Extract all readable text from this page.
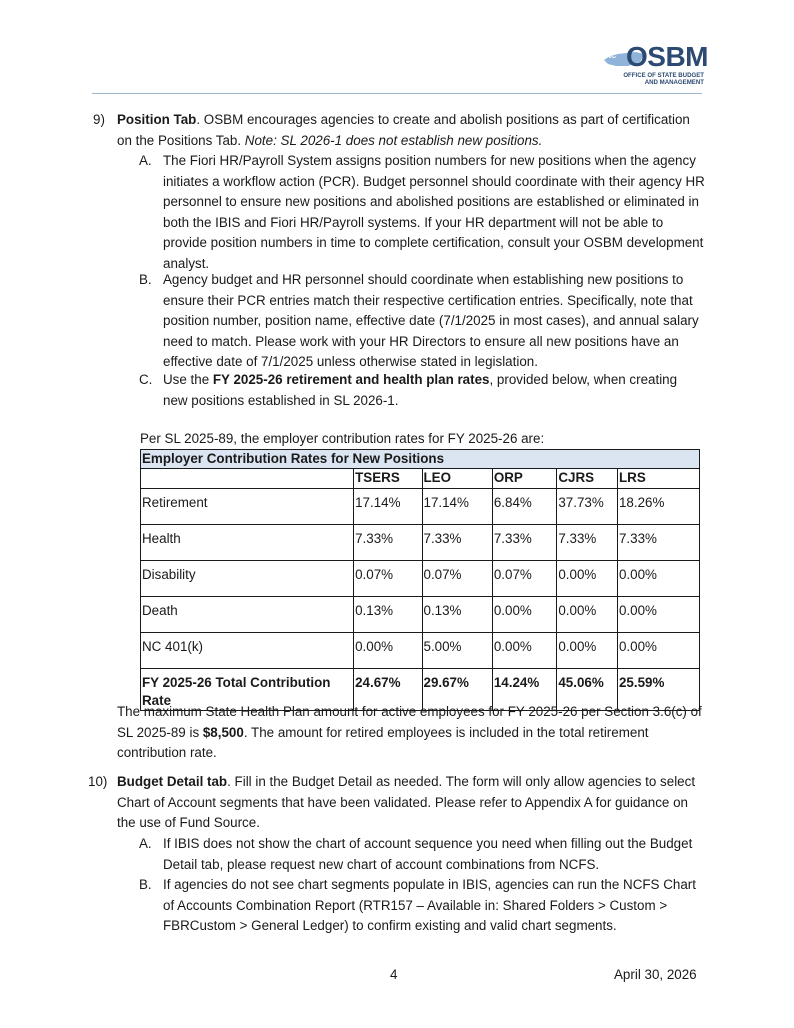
NC OSBM
OFFICE OF STATE BUDGET
AND MANAGEMENT
9) Position Tab. OSBM encourages agencies to create and abolish positions as part of certification on the Positions Tab. Note: SL 2026-1 does not establish new positions.

A. The Fiori HR/Payroll System assigns position numbers for new positions when the agency initiates a workflow action (PCR). Budget personnel should coordinate with their agency HR personnel to ensure new positions and abolished positions are established or eliminated in both the IBIS and Fiori HR/Payroll systems. If your HR department will not be able to provide position numbers in time to complete certification, consult your OSBM development analyst.
B. Agency budget and HR personnel should coordinate when establishing new positions to ensure their PCR entries match their respective certification entries. Specifically, note that position number, position name, effective date (7/1/2025 in most cases), and annual salary need to match. Please work with your HR Directors to ensure all new positions have an effective date of 7/1/2025 unless otherwise stated in legislation.
C. Use the FY 2025-26 retirement and health plan rates, provided below, when creating new positions established in SL 2026-1.

Per SL 2025-89, the employer contribution rates for FY 2025-26 are:
Employer Contribution Rates for New Positions					
	TSERS	LEO	ORP	CJRS	LRS
Retirement	17.14%	17.14%	6.84%	37.73%	18.26%
Health	7.33%	7.33%	7.33%	7.33%	7.33%
Disability	0.07%	0.07%	0.07%	0.00%	0.00%
Death	0.13%	0.13%	0.00%	0.00%	0.00%
NC 401(k)	0.00%	5.00%	0.00%	0.00%	0.00%
FY 2025-26 Total Contribution Rate	24.67%	29.67%	14.24%	45.06%	25.59%

The maximum State Health Plan amount for active employees for FY 2025-26 per Section 3.6(c) of SL 2025-89 is $8,500. The amount for retired employees is included in the total retirement contribution rate.

10) Budget Detail tab. Fill in the Budget Detail as needed. The form will only allow agencies to select Chart of Account segments that have been validated. Please refer to Appendix A for guidance on the use of Fund Source.

A. If IBIS does not show the chart of account sequence you need when filling out the Budget Detail tab, please request new chart of account combinations from NCFS.
B. If agencies do not see chart segments populate in IBIS, agencies can run the NCFS Chart of Accounts Combination Report (RTR157 – Available in: Shared Folders > Custom > FBRCustom > General Ledger) to confirm existing and valid chart segments.
4	April 30, 2026
